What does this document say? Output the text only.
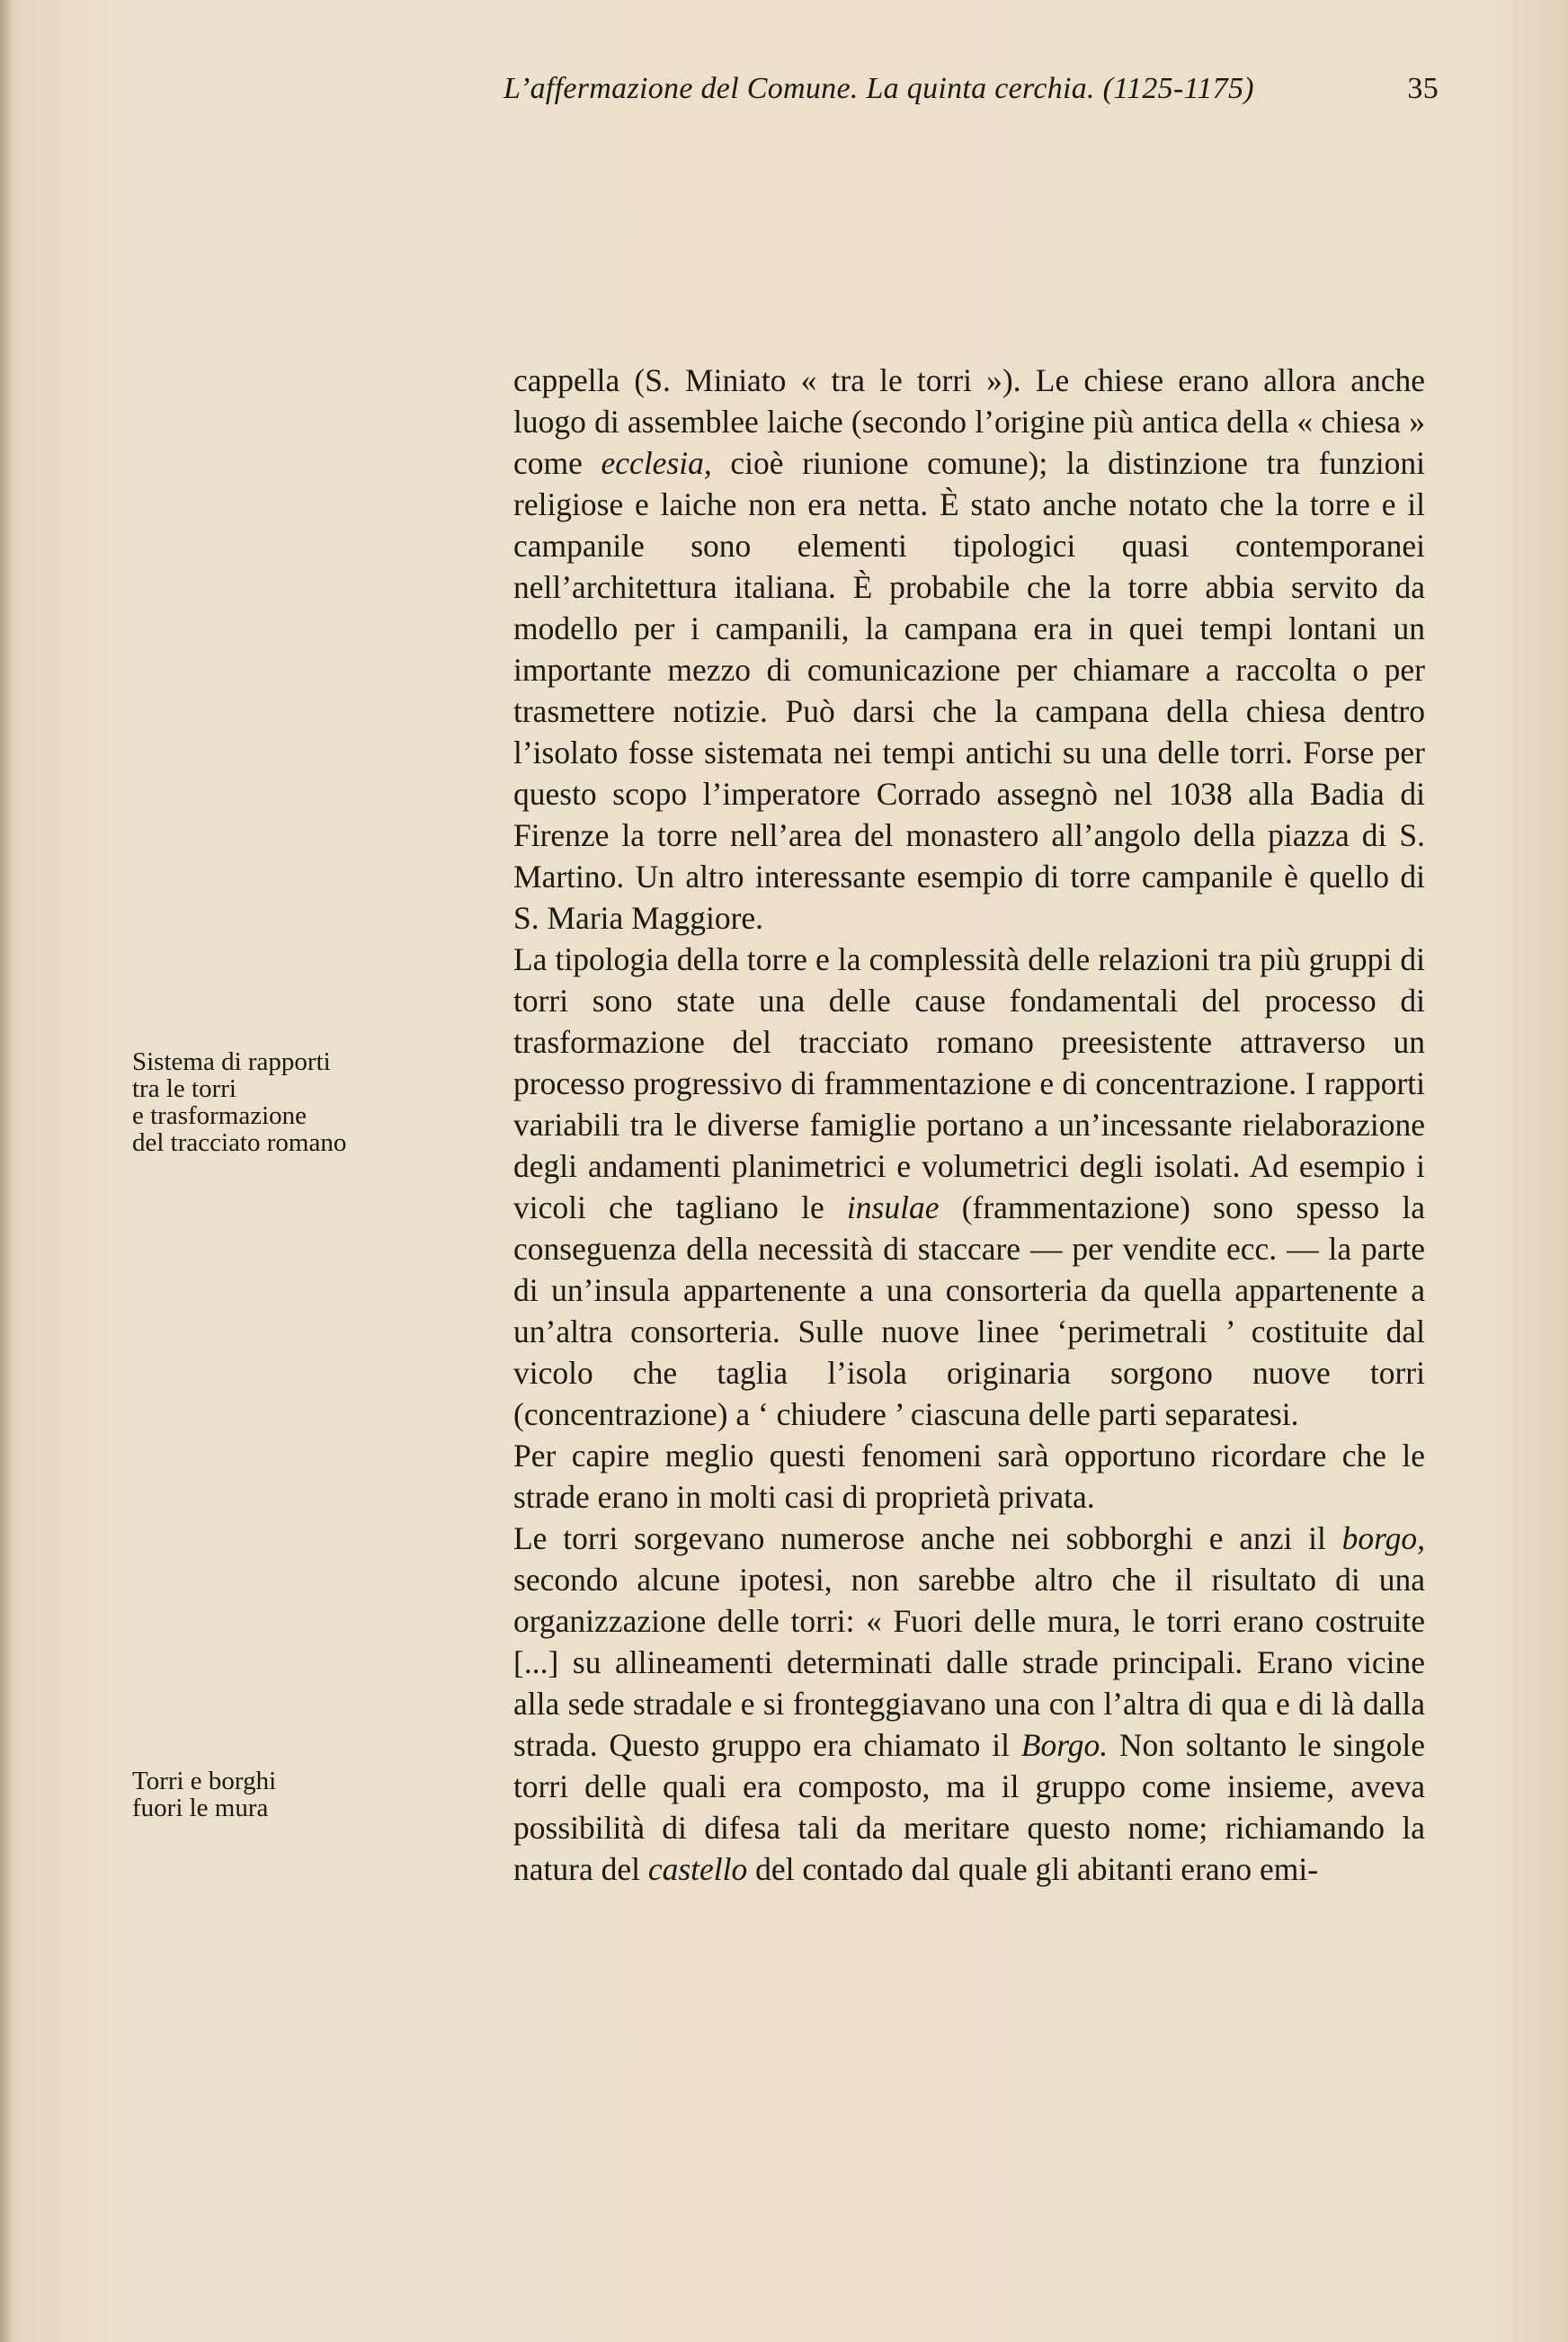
L’affermazione del Comune. La quinta cerchia. (1125-1175)	35
Sistema di rapporti
tra le torri
e trasformazione
del tracciato romano
Torri e borghi
fuori le mura

cappella (S. Miniato « tra le torri »). Le chiese erano allora anche luogo di assemblee laiche (secondo l’origine più antica della « chiesa » come ecclesia, cioè riunione comune); la distinzione tra funzioni religiose e laiche non era netta. È stato anche notato che la torre e il campanile sono elementi tipologici quasi contemporanei nell’architettura italiana. È probabile che la torre abbia servito da modello per i campanili, la campana era in quei tempi lontani un importante mezzo di comunicazione per chiamare a raccolta o per trasmettere notizie. Può darsi che la campana della chiesa dentro l’isolato fosse sistemata nei tempi antichi su una delle torri. Forse per questo scopo l’imperatore Corrado assegnò nel 1038 alla Badia di Firenze la torre nell’area del monastero all’angolo della piazza di S. Martino. Un altro interessante esempio di torre campanile è quello di S. Maria Maggiore.

La tipologia della torre e la complessità delle relazioni tra più gruppi di torri sono state una delle cause fondamentali del processo di trasformazione del tracciato romano preesistente attraverso un processo progressivo di frammentazione e di concentrazione. I rapporti variabili tra le diverse famiglie portano a un’incessante rielaborazione degli andamenti planimetrici e volumetrici degli isolati. Ad esempio i vicoli che tagliano le insulae (frammentazione) sono spesso la conseguenza della necessità di staccare — per vendite ecc. — la parte di un’insula appartenente a una consorteria da quella appartenente a un’altra consorteria. Sulle nuove linee ‘perimetrali ’ costituite dal vicolo che taglia l’isola originaria sorgono nuove torri (concentrazione) a ‘ chiudere ’ ciascuna delle parti separatesi.

Per capire meglio questi fenomeni sarà opportuno ricordare che le strade erano in molti casi di proprietà privata.

Le torri sorgevano numerose anche nei sobborghi e anzi il borgo, secondo alcune ipotesi, non sarebbe altro che il risultato di una organizzazione delle torri: « Fuori delle mura, le torri erano costruite [...] su allineamenti determinati dalle strade principali. Erano vicine alla sede stradale e si fronteggiavano una con l’altra di qua e di là dalla strada. Questo gruppo era chiamato il Borgo. Non soltanto le singole torri delle quali era composto, ma il gruppo come insieme, aveva possibilità di difesa tali da meritare questo nome; richiamando la natura del castello del contado dal quale gli abitanti erano emi-
